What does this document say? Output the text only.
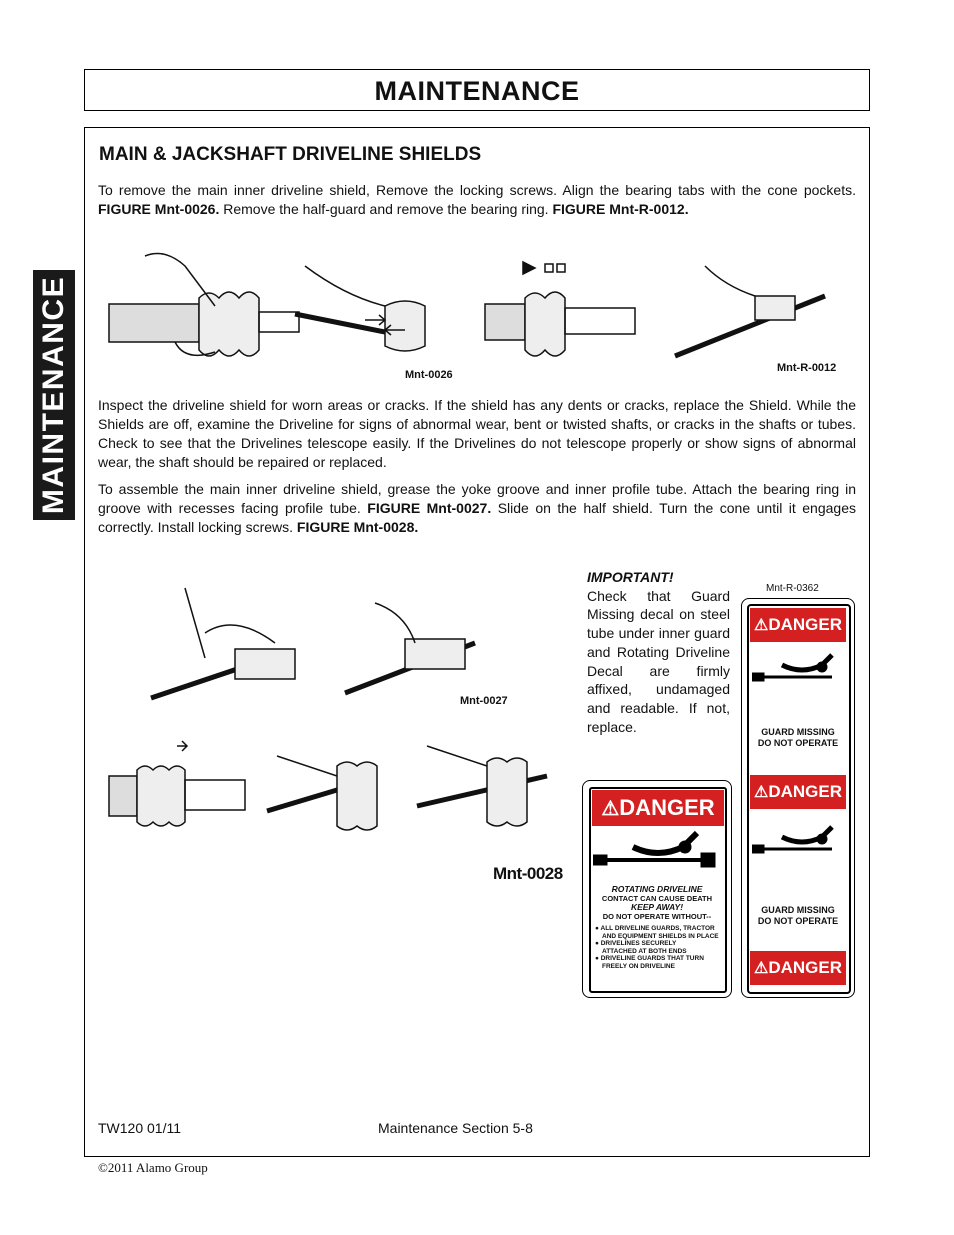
MAINTENANCE
MAINTENANCE
MAIN & JACKSHAFT DRIVELINE SHIELDS
To remove the main inner driveline shield, Remove the locking screws. Align the bearing tabs with the cone pockets. FIGURE Mnt-0026. Remove the half-guard and remove the bearing ring. FIGURE Mnt-R-0012.
Mnt-0026
Mnt-R-0012
Inspect the driveline shield for worn areas or cracks. If the shield has any dents or cracks, replace the Shield. While the Shields are off, examine the Driveline for signs of abnormal wear, bent or twisted shafts, or cracks in the shafts or tubes. Check to see that the Drivelines telescope easily. If the Drivelines do not telescope properly or show signs of abnormal wear, the shaft should be repaired or replaced.
To assemble the main inner driveline shield, grease the yoke groove and inner profile tube. Attach the bearing ring in groove with recesses facing profile tube. FIGURE Mnt-0027. Slide on the half shield. Turn the cone until it engages correctly. Install locking screws. FIGURE Mnt-0028.
Mnt-0027
Mnt-0028
IMPORTANT!
Check that Guard Missing decal on steel tube under inner guard and Rotating Driveline Decal are firmly affixed, undamaged and readable. If not, replace.
Mnt-R-0362
⚠DANGER
GUARD MISSING
DO NOT OPERATE
⚠DANGER
GUARD MISSING
DO NOT OPERATE
⚠DANGER
⚠DANGER
ROTATING DRIVELINE
CONTACT CAN CAUSE DEATH
KEEP AWAY!
DO NOT OPERATE WITHOUT--
● ALL DRIVELINE GUARDS, TRACTOR
AND EQUIPMENT SHIELDS IN PLACE
● DRIVELINES SECURELY
ATTACHED AT BOTH ENDS
● DRIVELINE GUARDS THAT TURN
FREELY ON DRIVELINE
TW120 01/11	Maintenance Section 5-8
©2011 Alamo Group
